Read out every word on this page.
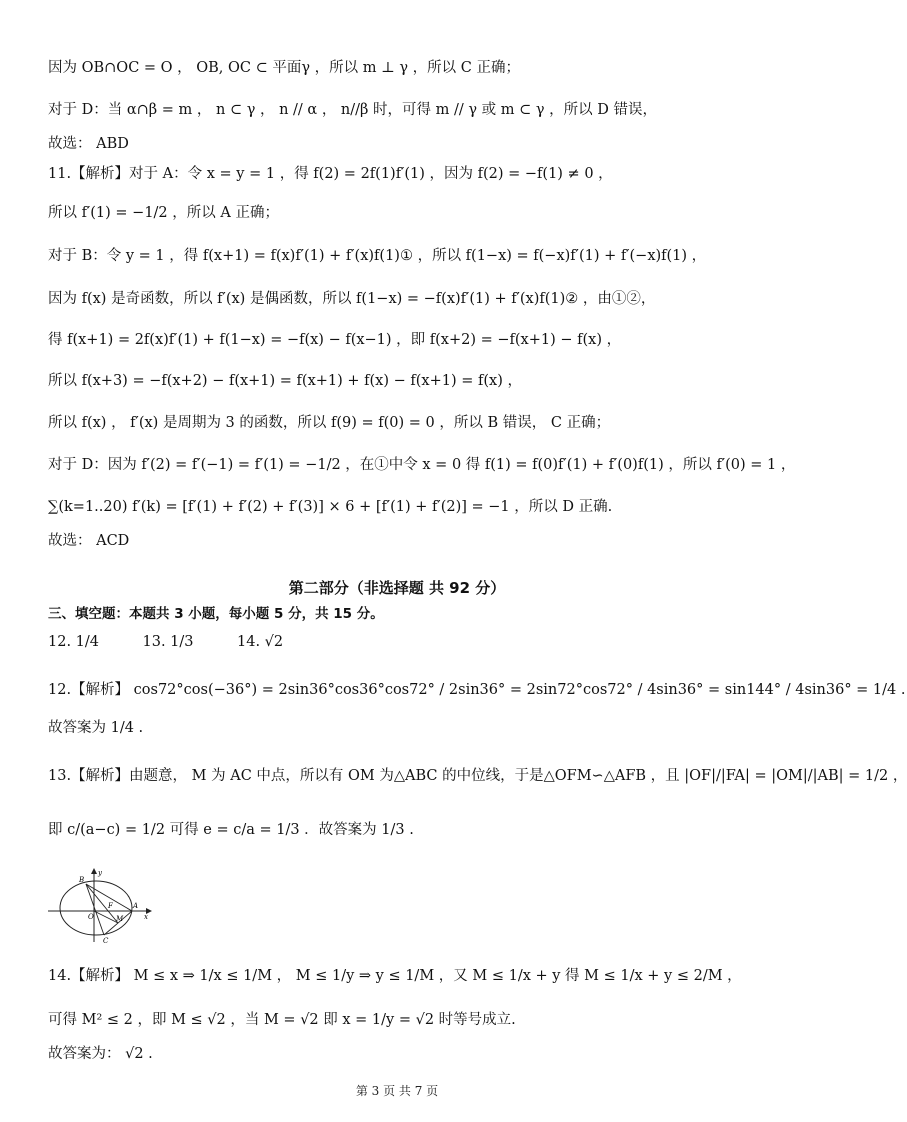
因为 OB∩OC = O ， OB, OC ⊂ 平面γ ，所以 m ⊥ γ ，所以 C 正确；
对于 D：当 α∩β = m ， n ⊂ γ ， n // α ， n//β 时，可得 m // γ 或 m ⊂ γ ，所以 D 错误，
故选： ABD
11.【解析】对于 A：令 x = y = 1 ，得 f(2) = 2f(1)f′(1) ，因为 f(2) = −f(1) ≠ 0 ，
所以 f′(1) = −1/2 ，所以 A 正确；
对于 B：令 y = 1 ，得 f(x+1) = f(x)f′(1) + f′(x)f(1)① ，所以 f(1−x) = f(−x)f′(1) + f′(−x)f(1) ，
因为 f(x) 是奇函数，所以 f′(x) 是偶函数，所以 f(1−x) = −f(x)f′(1) + f′(x)f(1)② ，由①②，
得 f(x+1) = 2f(x)f′(1) + f(1−x) = −f(x) − f(x−1) ，即 f(x+2) = −f(x+1) − f(x) ，
所以 f(x+3) = −f(x+2) − f(x+1) = f(x+1) + f(x) − f(x+1) = f(x) ，
所以 f(x) ， f′(x) 是周期为 3 的函数，所以 f(9) = f(0) = 0 ，所以 B 错误， C 正确；
对于 D：因为 f′(2) = f′(−1) = f′(1) = −1/2 ，在①中令 x = 0 得 f(1) = f(0)f′(1) + f′(0)f(1) ，所以 f′(0) = 1 ，
∑(k=1..20) f′(k) = [f′(1) + f′(2) + f′(3)] × 6 + [f′(1) + f′(2)] = −1 ，所以 D 正确.
故选： ACD
第二部分（非选择题 共 92 分）
三、填空题：本题共 3 小题，每小题 5 分，共 15 分。
12. 1/4　　　13. 1/3　　　14. √2
12.【解析】 cos72°cos(−36°) = 2sin36°cos36°cos72° / 2sin36° = 2sin72°cos72° / 4sin36° = sin144° / 4sin36° = 1/4 .
故答案为 1/4 .
13.【解析】由题意， M 为 AC 中点，所以有 OM 为△ABC 的中位线，于是△OFM∽△AFB ，且 |OF|/|FA| = |OM|/|AB| = 1/2 ，
即 c/(a−c) = 1/2 可得 e = c/a = 1/3 ．故答案为 1/3 .
y
x
B
O
F
M
A
C
14.【解析】 M ≤ x ⇒ 1/x ≤ 1/M ， M ≤ 1/y ⇒ y ≤ 1/M ，又 M ≤ 1/x + y 得 M ≤ 1/x + y ≤ 2/M ，
可得 M² ≤ 2 ，即 M ≤ √2 ，当 M = √2 即 x = 1/y = √2 时等号成立.
故答案为： √2 .
第 3 页 共 7 页
